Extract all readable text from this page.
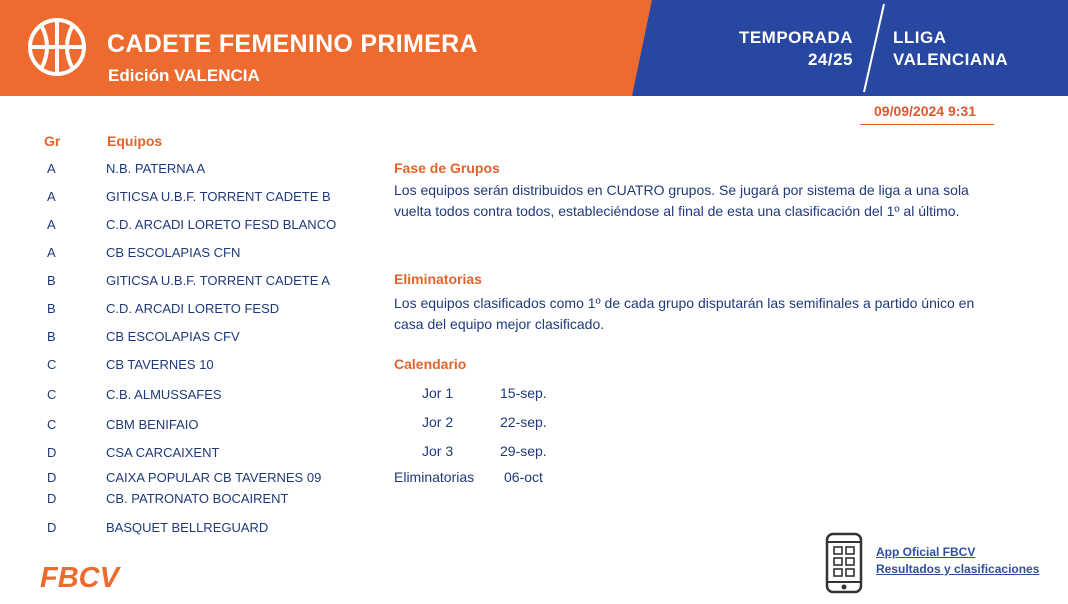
CADETE FEMENINO PRIMERA
Edición VALENCIA
TEMPORADA
24/25
LLIGA
VALENCIANA
09/09/2024 9:31
Gr	Equipos
A	N.B. PATERNA A
A	GITICSA U.B.F. TORRENT CADETE B
A	C.D. ARCADI LORETO FESD BLANCO
A	CB ESCOLAPIAS CFN
B	GITICSA U.B.F. TORRENT CADETE A
B	C.D. ARCADI LORETO FESD
B	CB ESCOLAPIAS CFV
C	CB TAVERNES 10
C	C.B. ALMUSSAFES
C	CBM BENIFAIO
D	CSA CARCAIXENT
D	CAIXA POPULAR CB TAVERNES 09
D	CB. PATRONATO BOCAIRENT
D	BASQUET BELLREGUARD
Fase de Grupos
Los equipos serán distribuidos en CUATRO grupos. Se jugará por sistema de liga a una sola vuelta todos contra todos, estableciéndose al final de esta una clasificación del 1º al último.
Eliminatorias
Los equipos clasificados como 1º de cada grupo disputarán las semifinales a partido único en casa del equipo mejor clasificado.
Calendario
Jor 1	15-sep.
Jor 2	22-sep.
Jor 3	29-sep.
Eliminatorias 06-oct
FBCV
App Oficial FBCV
Resultados y clasificaciones
